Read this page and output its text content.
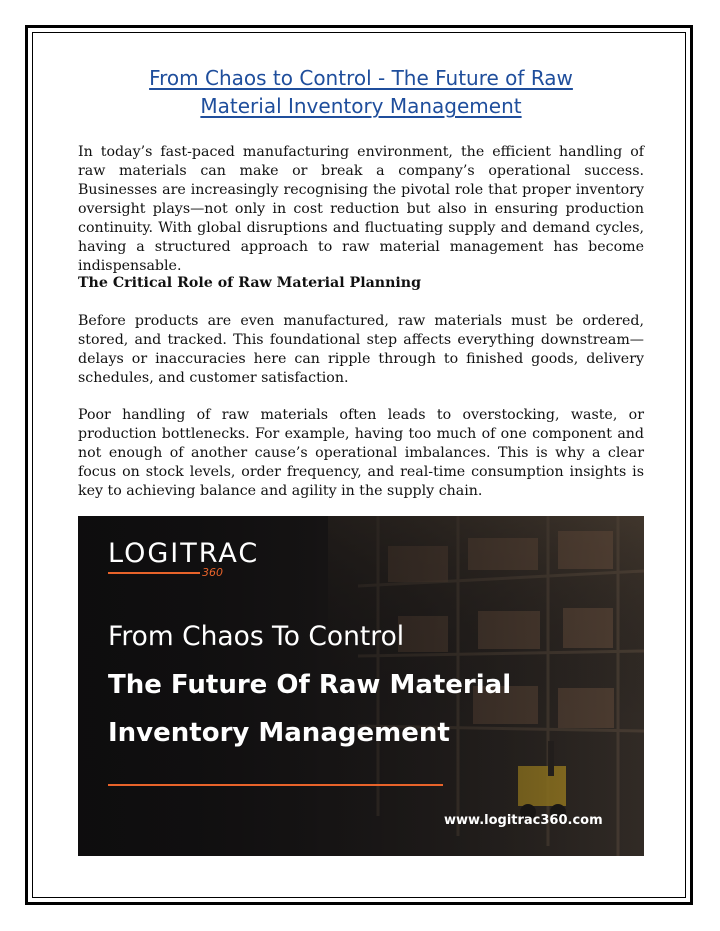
From Chaos to Control - The Future of Raw
Material Inventory Management

In today’s fast-paced manufacturing environment, the efficient handling of raw materials can make or break a company’s operational success. Businesses are increasingly recognising the pivotal role that proper inventory oversight plays—not only in cost reduction but also in ensuring production continuity. With global disruptions and fluctuating supply and demand cycles, having a structured approach to raw material management has become indispensable.

The Critical Role of Raw Material Planning

Before products are even manufactured, raw materials must be ordered, stored, and tracked. This foundational step affects everything downstream—delays or inaccuracies here can ripple through to finished goods, delivery schedules, and customer satisfaction.

Poor handling of raw materials often leads to overstocking, waste, or production bottlenecks. For example, having too much of one component and not enough of another cause’s operational imbalances. This is why a clear focus on stock levels, order frequency, and real-time consumption insights is key to achieving balance and agility in the supply chain.

LOGITRAC
360
From Chaos To Control
The Future Of Raw Material
Inventory Management
www.logitrac360.com
